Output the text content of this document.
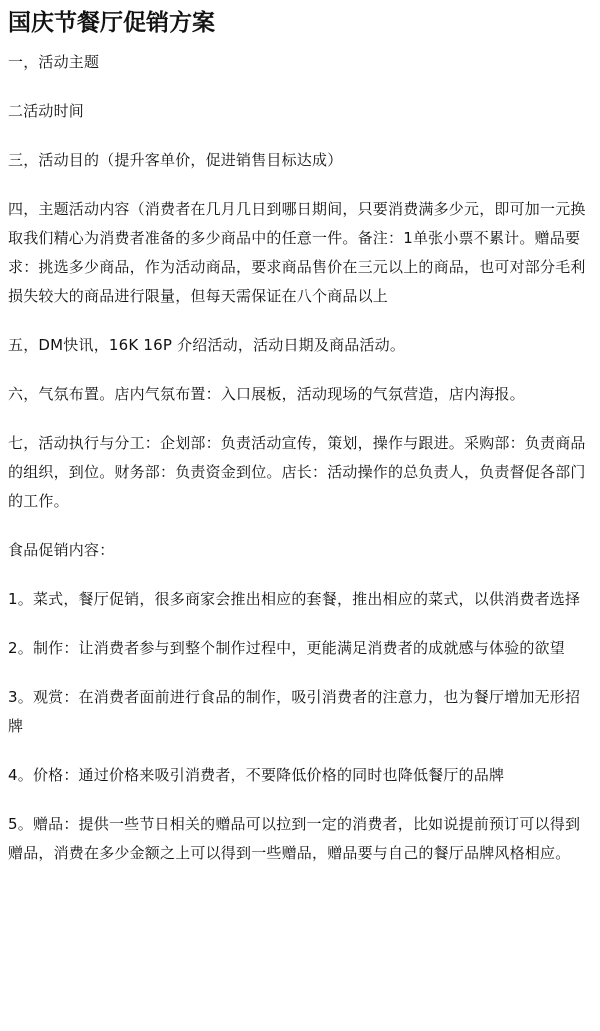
国庆节餐厅促销方案

一，活动主题

二活动时间

三，活动目的（提升客单价，促进销售目标达成）

四，主题活动内容（消费者在几月几日到哪日期间，只要消费满多少元，即可加一元换取我们精心为消费者准备的多少商品中的任意一件。备注：1单张小票不累计。赠品要求：挑选多少商品，作为活动商品，要求商品售价在三元以上的商品，也可对部分毛利损失较大的商品进行限量，但每天需保证在八个商品以上

五，DM快讯，16K 16P 介绍活动，活动日期及商品活动。

六，气氛布置。店内气氛布置：入口展板，活动现场的气氛营造，店内海报。

七，活动执行与分工：企划部：负责活动宣传，策划，操作与跟进。采购部：负责商品的组织，到位。财务部：负责资金到位。店长：活动操作的总负责人，负责督促各部门的工作。

食品促销内容：

1。菜式，餐厅促销，很多商家会推出相应的套餐，推出相应的菜式，以供消费者选择

2。制作：让消费者参与到整个制作过程中，更能满足消费者的成就感与体验的欲望

3。观赏：在消费者面前进行食品的制作，吸引消费者的注意力，也为餐厅增加无形招牌

4。价格：通过价格来吸引消费者，不要降低价格的同时也降低餐厅的品牌

5。赠品：提供一些节日相关的赠品可以拉到一定的消费者，比如说提前预订可以得到赠品，消费在多少金额之上可以得到一些赠品，赠品要与自己的餐厅品牌风格相应。
